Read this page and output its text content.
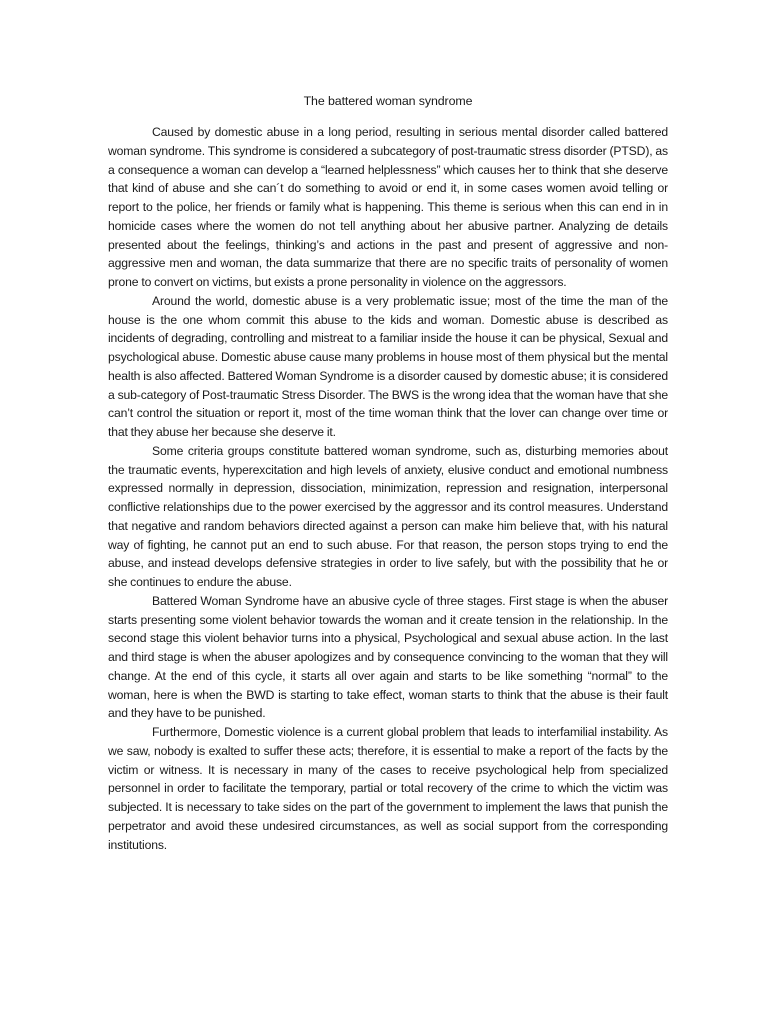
The battered woman syndrome

Caused by domestic abuse in a long period, resulting in serious mental disorder called battered woman syndrome. This syndrome is considered a subcategory of post-traumatic stress disorder (PTSD), as a consequence a woman can develop a “learned helplessness” which causes her to think that she deserve that kind of abuse and she can´t do something to avoid or end it, in some cases women avoid telling or report to the police, her friends or family what is happening. This theme is serious when this can end in in homicide cases where the women do not tell anything about her abusive partner. Analyzing de details presented about the feelings, thinking’s and actions in the past and present of aggressive and non-aggressive men and woman, the data summarize that there are no specific traits of personality of women prone to convert on victims, but exists a prone personality in violence on the aggressors.

Around the world, domestic abuse is a very problematic issue; most of the time the man of the house is the one whom commit this abuse to the kids and woman. Domestic abuse is described as incidents of degrading, controlling and mistreat to a familiar inside the house it can be physical, Sexual and psychological abuse. Domestic abuse cause many problems in house most of them physical but the mental health is also affected. Battered Woman Syndrome is a disorder caused by domestic abuse; it is considered a sub-category of Post-traumatic Stress Disorder. The BWS is the wrong idea that the woman have that she can’t control the situation or report it, most of the time woman think that the lover can change over time or that they abuse her because she deserve it.

Some criteria groups constitute battered woman syndrome, such as, disturbing memories about the traumatic events, hyperexcitation and high levels of anxiety, elusive conduct and emotional numbness expressed normally in depression, dissociation, minimization, repression and resignation, interpersonal conflictive relationships due to the power exercised by the aggressor and its control measures. Understand that negative and random behaviors directed against a person can make him believe that, with his natural way of fighting, he cannot put an end to such abuse. For that reason, the person stops trying to end the abuse, and instead develops defensive strategies in order to live safely, but with the possibility that he or she continues to endure the abuse.

Battered Woman Syndrome have an abusive cycle of three stages. First stage is when the abuser starts presenting some violent behavior towards the woman and it create tension in the relationship. In the second stage this violent behavior turns into a physical, Psychological and sexual abuse action. In the last and third stage is when the abuser apologizes and by consequence convincing to the woman that they will change. At the end of this cycle, it starts all over again and starts to be like something “normal” to the woman, here is when the BWD is starting to take effect, woman starts to think that the abuse is their fault and they have to be punished.

Furthermore, Domestic violence is a current global problem that leads to interfamilial instability. As we saw, nobody is exalted to suffer these acts; therefore, it is essential to make a report of the facts by the victim or witness. It is necessary in many of the cases to receive psychological help from specialized personnel in order to facilitate the temporary, partial or total recovery of the crime to which the victim was subjected. It is necessary to take sides on the part of the government to implement the laws that punish the perpetrator and avoid these undesired circumstances, as well as social support from the corresponding institutions.
